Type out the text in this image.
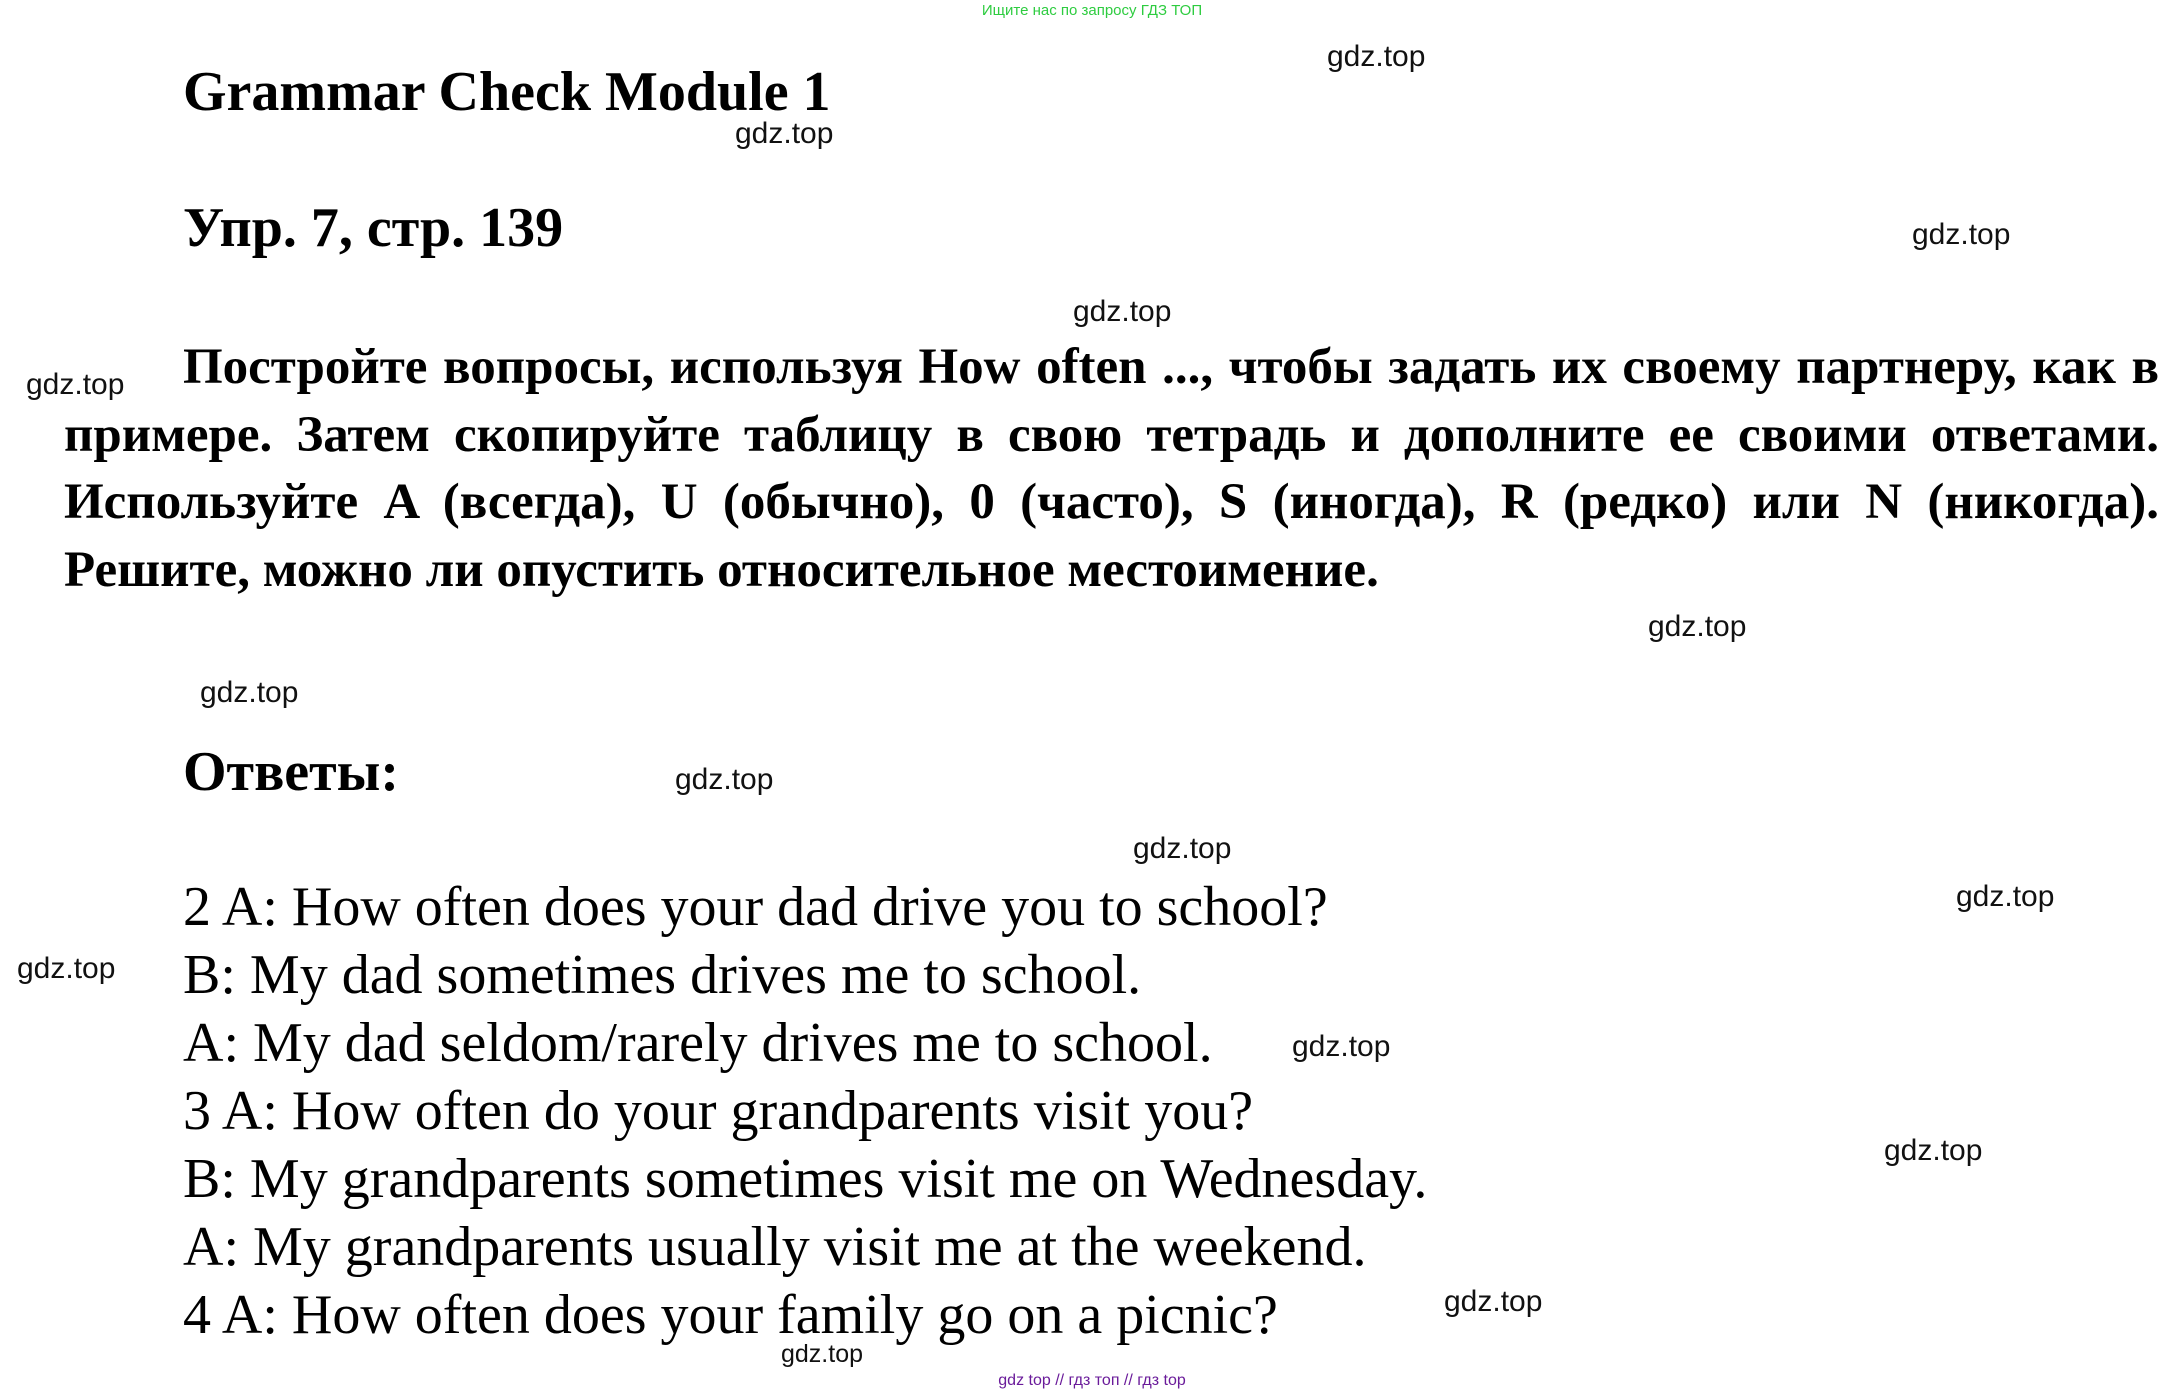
Ищите нас по запросу ГДЗ ТОП
Grammar Check Module 1
Упр. 7, стр. 139

Постройте вопросы, используя How often ..., чтобы задать их своему партнеру, как в примере. Затем скопируйте таблицу в свою тетрадь и дополните ее своими ответами. Используйте A (всегда), U (обычно), 0 (часто), S (иногда), R (редко) или N (никогда). Решите, можно ли опустить относительное местоимение.

Ответы:
2 A: How often does your dad drive you to school?
B: My dad sometimes drives me to school.
A: My dad seldom/rarely drives me to school.
3 A: How often do your grandparents visit you?
B: My grandparents sometimes visit me on Wednesday.
A: My grandparents usually visit me at the weekend.
4 A: How often does your family go on a picnic?
gdz.top
gdz.top
gdz.top
gdz.top
gdz.top
gdz.top
gdz.top
gdz.top
gdz.top
gdz.top
gdz.top
gdz.top
gdz.top
gdz.top
gdz.top
gdz top // гдз топ // гдз top
